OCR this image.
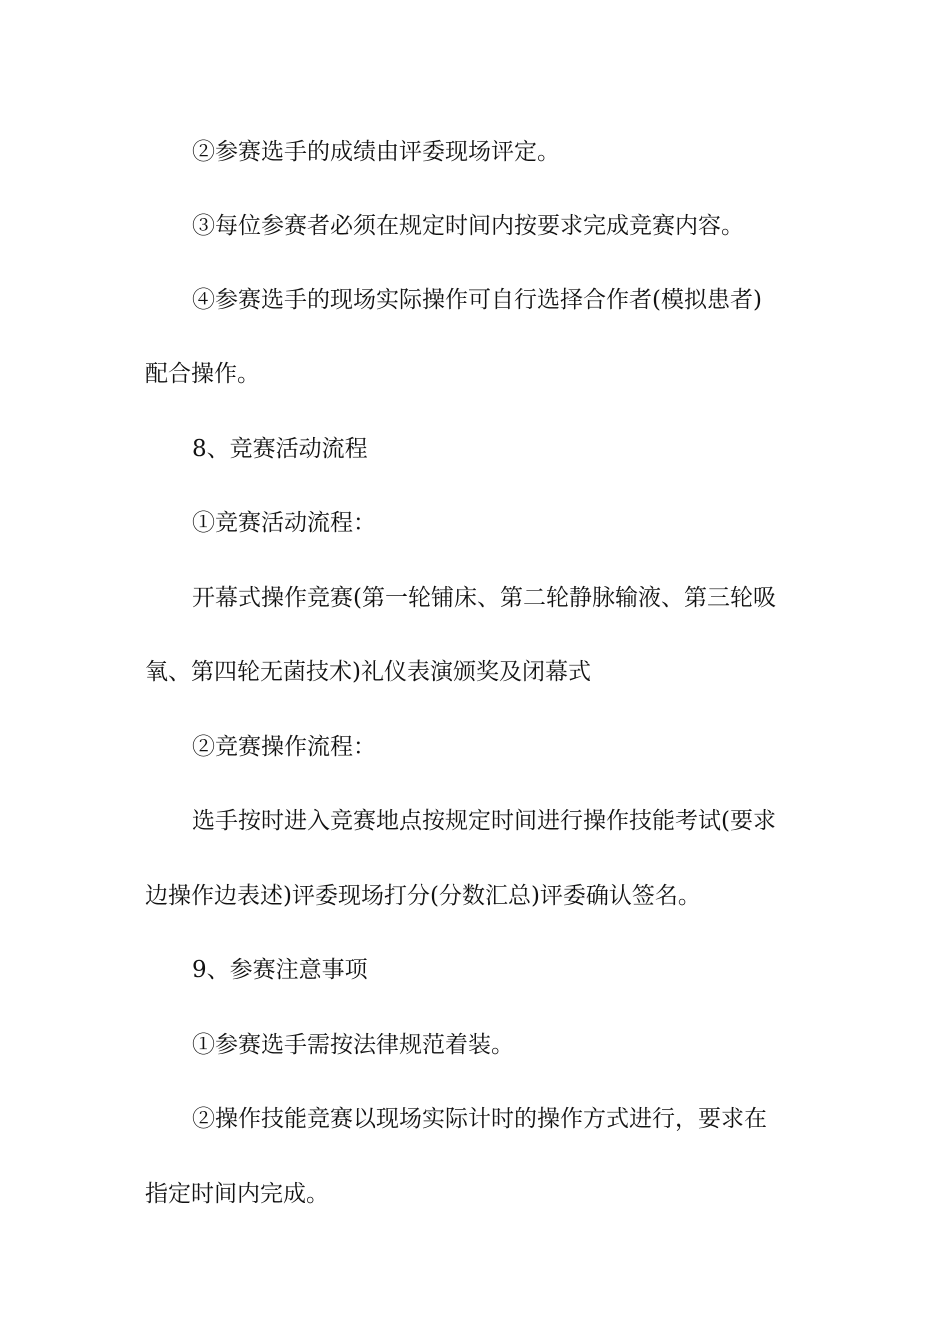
②参赛选手的成绩由评委现场评定。
③每位参赛者必须在规定时间内按要求完成竞赛内容。
④参赛选手的现场实际操作可自行选择合作者(模拟患者)
配合操作。
8、竞赛活动流程
①竞赛活动流程：
开幕式操作竞赛(第一轮铺床、第二轮静脉输液、第三轮吸
氧、第四轮无菌技术)礼仪表演颁奖及闭幕式
②竞赛操作流程：
选手按时进入竞赛地点按规定时间进行操作技能考试(要求
边操作边表述)评委现场打分(分数汇总)评委确认签名。
9、参赛注意事项
①参赛选手需按法律规范着装。
②操作技能竞赛以现场实际计时的操作方式进行，要求在
指定时间内完成。
